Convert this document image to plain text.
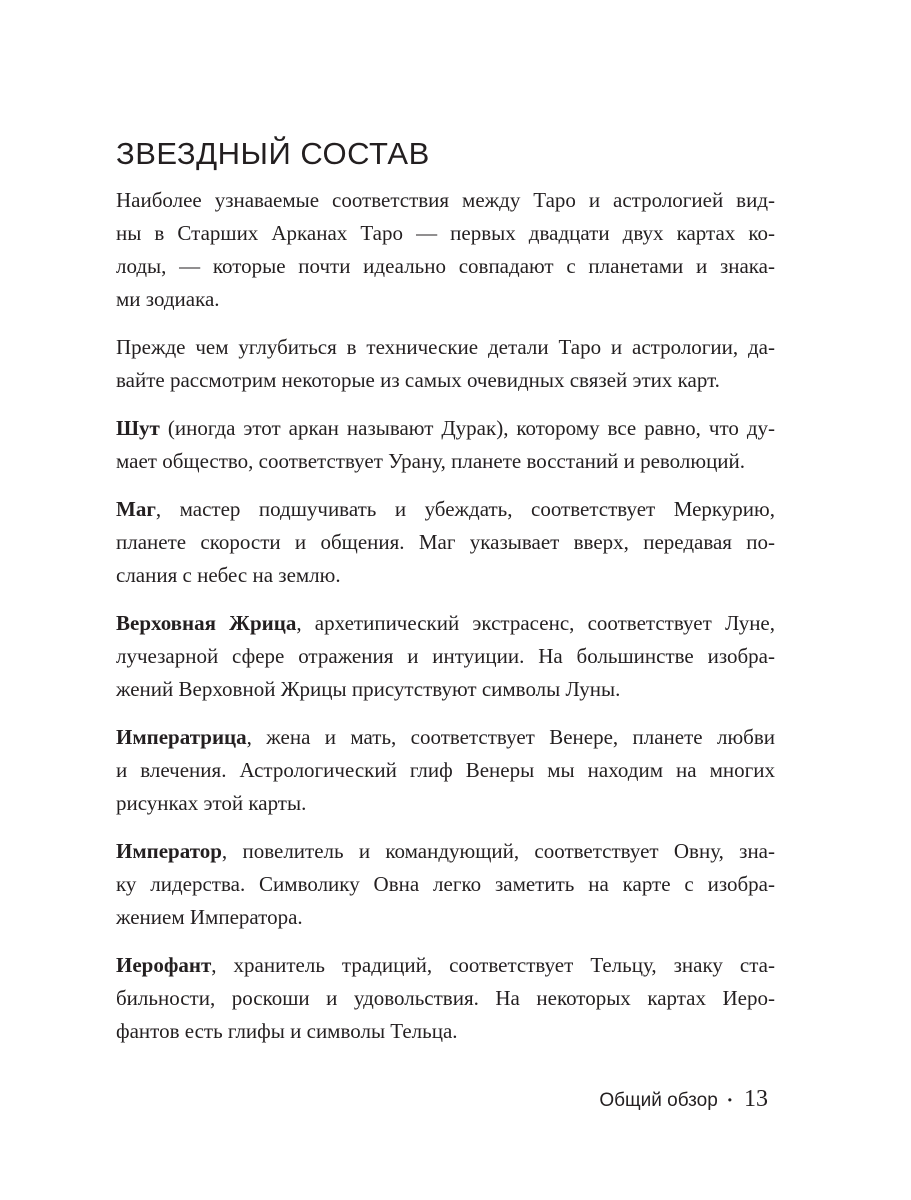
ЗВЕЗДНЫЙ СОСТАВ

Наиболее узнаваемые соответствия между Таро и астрологией вид-
ны в Старших Арканах Таро — первых двадцати двух картах ко-
лоды, — которые почти идеально совпадают с планетами и знака-
ми зодиака.

Прежде чем углубиться в технические детали Таро и астрологии, да-
вайте рассмотрим некоторые из самых очевидных связей этих карт.

Шут (иногда этот аркан называют Дурак), которому все равно, что ду-
мает общество, соответствует Урану, планете восстаний и революций.

Маг, мастер подшучивать и убеждать, соответствует Меркурию,
планете скорости и общения. Маг указывает вверх, передавая по-
слания с небес на землю.

Верховная Жрица, архетипический экстрасенс, соответствует Луне,
лучезарной сфере отражения и интуиции. На большинстве изобра-
жений Верховной Жрицы присутствуют символы Луны.

Императрица, жена и мать, соответствует Венере, планете любви
и влечения. Астрологический глиф Венеры мы находим на многих
рисунках этой карты.

Император, повелитель и командующий, соответствует Овну, зна-
ку лидерства. Символику Овна легко заметить на карте с изобра-
жением Императора.

Иерофант, хранитель традиций, соответствует Тельцу, знаку ста-
бильности, роскоши и удовольствия. На некоторых картах Иеро-
фантов есть глифы и символы Тельца.

Общий обзор • 13
